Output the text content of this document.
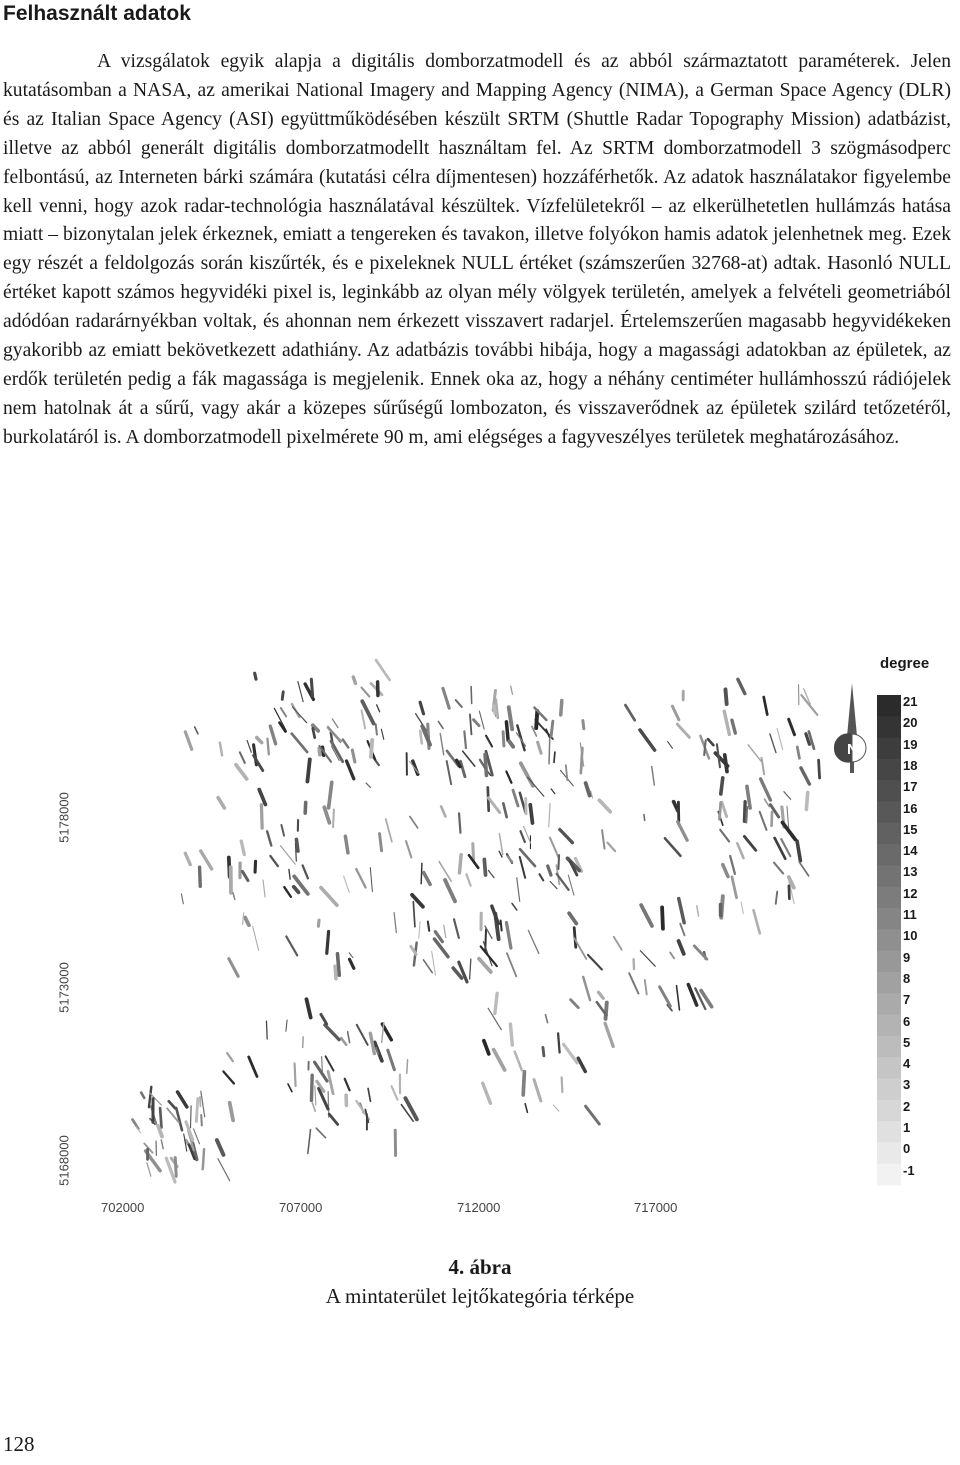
Felhasznált adatok

A vizsgálatok egyik alapja a digitális domborzatmodell és az abból származtatott paraméterek. Jelen kutatásomban a NASA, az amerikai National Imagery and Mapping Agency (NIMA), a German Space Agency (DLR) és az Italian Space Agency (ASI) együttműködésében készült SRTM (Shuttle Radar Topography Mission) adatbázist, illetve az abból generált digitális domborzatmodellt használtam fel. Az SRTM domborzatmodell 3 szögmásodperc felbontású, az Interneten bárki számára (kutatási célra díjmentesen) hozzáférhetők. Az adatok használatakor figyelembe kell venni, hogy azok radar-technológia használatával készültek. Vízfelületekről – az elkerülhetetlen hullámzás hatása miatt – bizonytalan jelek érkeznek, emiatt a tengereken és tavakon, illetve folyókon hamis adatok jelenhetnek meg. Ezek egy részét a feldolgozás során kiszűrték, és e pixeleknek NULL értéket (számszerűen 32768-at) adtak. Hasonló NULL értéket kapott számos hegyvidéki pixel is, leginkább az olyan mély völgyek területén, amelyek a felvételi geometriából adódóan radarárnyékban voltak, és ahonnan nem érkezett visszavert radarjel. Értelemszerűen magasabb hegyvidékeken gyakoribb az emiatt bekövetkezett adathiány. Az adatbázis további hibája, hogy a magassági adatokban az épületek, az erdők területén pedig a fák magassága is megjelenik. Ennek oka az, hogy a néhány centiméter hullámhosszú rádiójelek nem hatolnak át a sűrű, vagy akár a közepes sűrűségű lombozaton, és visszaverődnek az épületek szilárd tetőzetéről, burkolatáról is. A domborzatmodell pixelmérete 90 m, ami elégséges a fagyveszélyes területek meghatározásához.

N
5178000
5173000
5168000
702000	707000	712000	717000
degree
21
20
19
18
17
16
15
14
13
12
11
10
9
8
7
6
5
4
3
2
1
0
-1
4. ábra
A mintaterület lejtőkategória térképe
128
